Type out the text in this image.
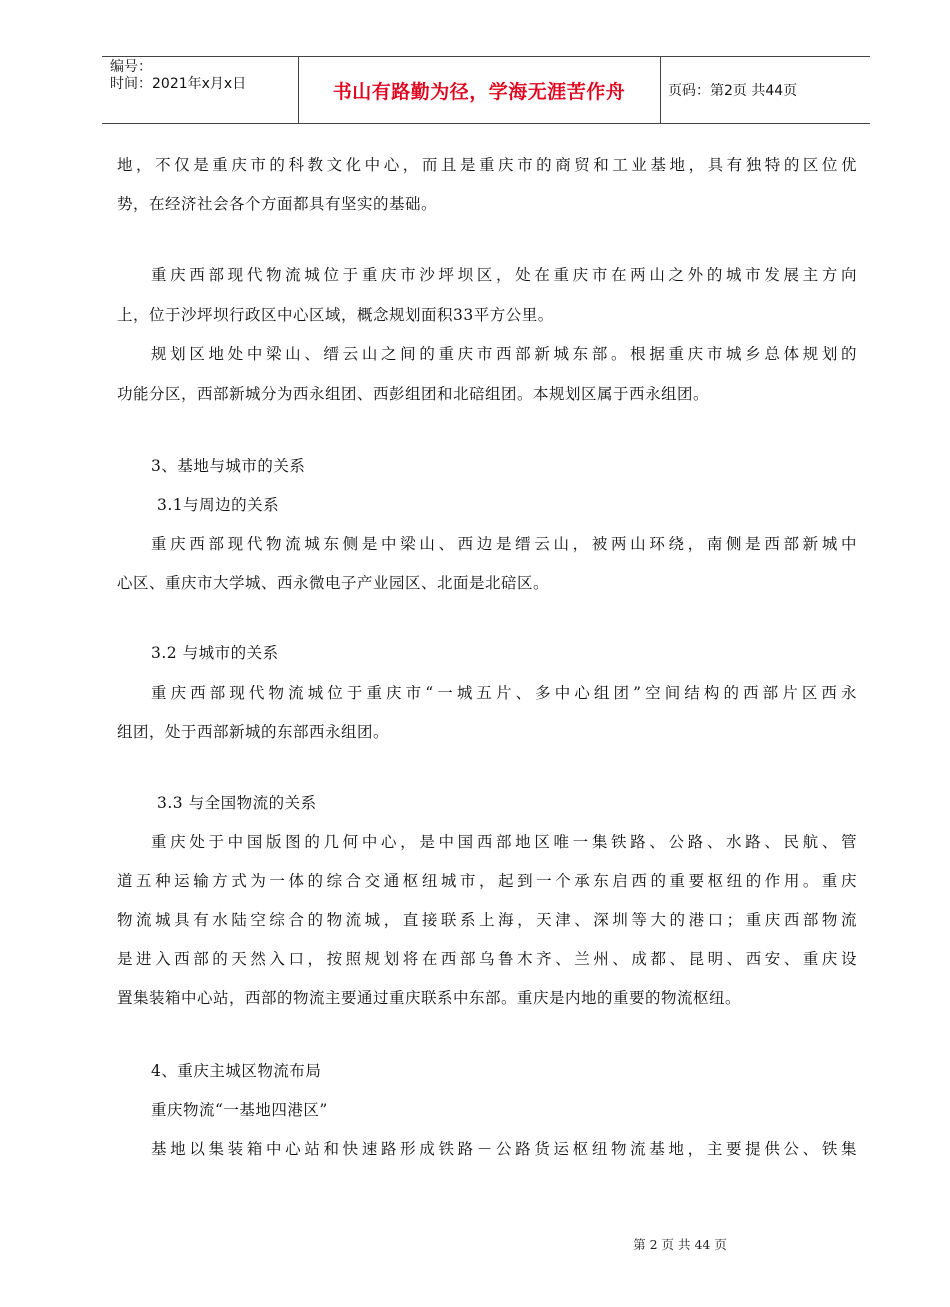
编号：
时间：2021年x月x日	书山有路勤为径，学海无涯苦作舟	页码：第2页 共44页
地，不仅是重庆市的科教文化中心，而且是重庆市的商贸和工业基地，具有独特的区位优
势，在经济社会各个方面都具有坚实的基础。
重庆西部现代物流城位于重庆市沙坪坝区，处在重庆市在两山之外的城市发展主方向
上，位于沙坪坝行政区中心区域，概念规划面积33平方公里。
规划区地处中梁山、缙云山之间的重庆市西部新城东部。根据重庆市城乡总体规划的
功能分区，西部新城分为西永组团、西彭组团和北碚组团。本规划区属于西永组团。
3、基地与城市的关系
3.1与周边的关系
重庆西部现代物流城东侧是中梁山、西边是缙云山，被两山环绕，南侧是西部新城中
心区、重庆市大学城、西永微电子产业园区、北面是北碚区。
3.2 与城市的关系
重庆西部现代物流城位于重庆市“一城五片、多中心组团”空间结构的西部片区西永
组团，处于西部新城的东部西永组团。
3.3 与全国物流的关系
重庆处于中国版图的几何中心，是中国西部地区唯一集铁路、公路、水路、民航、管
道五种运输方式为一体的综合交通枢纽城市，起到一个承东启西的重要枢纽的作用。重庆
物流城具有水陆空综合的物流城，直接联系上海，天津、深圳等大的港口；重庆西部物流
是进入西部的天然入口，按照规划将在西部乌鲁木齐、兰州、成都、昆明、西安、重庆设
置集装箱中心站，西部的物流主要通过重庆联系中东部。重庆是内地的重要的物流枢纽。
4、重庆主城区物流布局
重庆物流“一基地四港区”
基地以集装箱中心站和快速路形成铁路－公路货运枢纽物流基地，主要提供公、铁集
第 2 页 共 44 页
